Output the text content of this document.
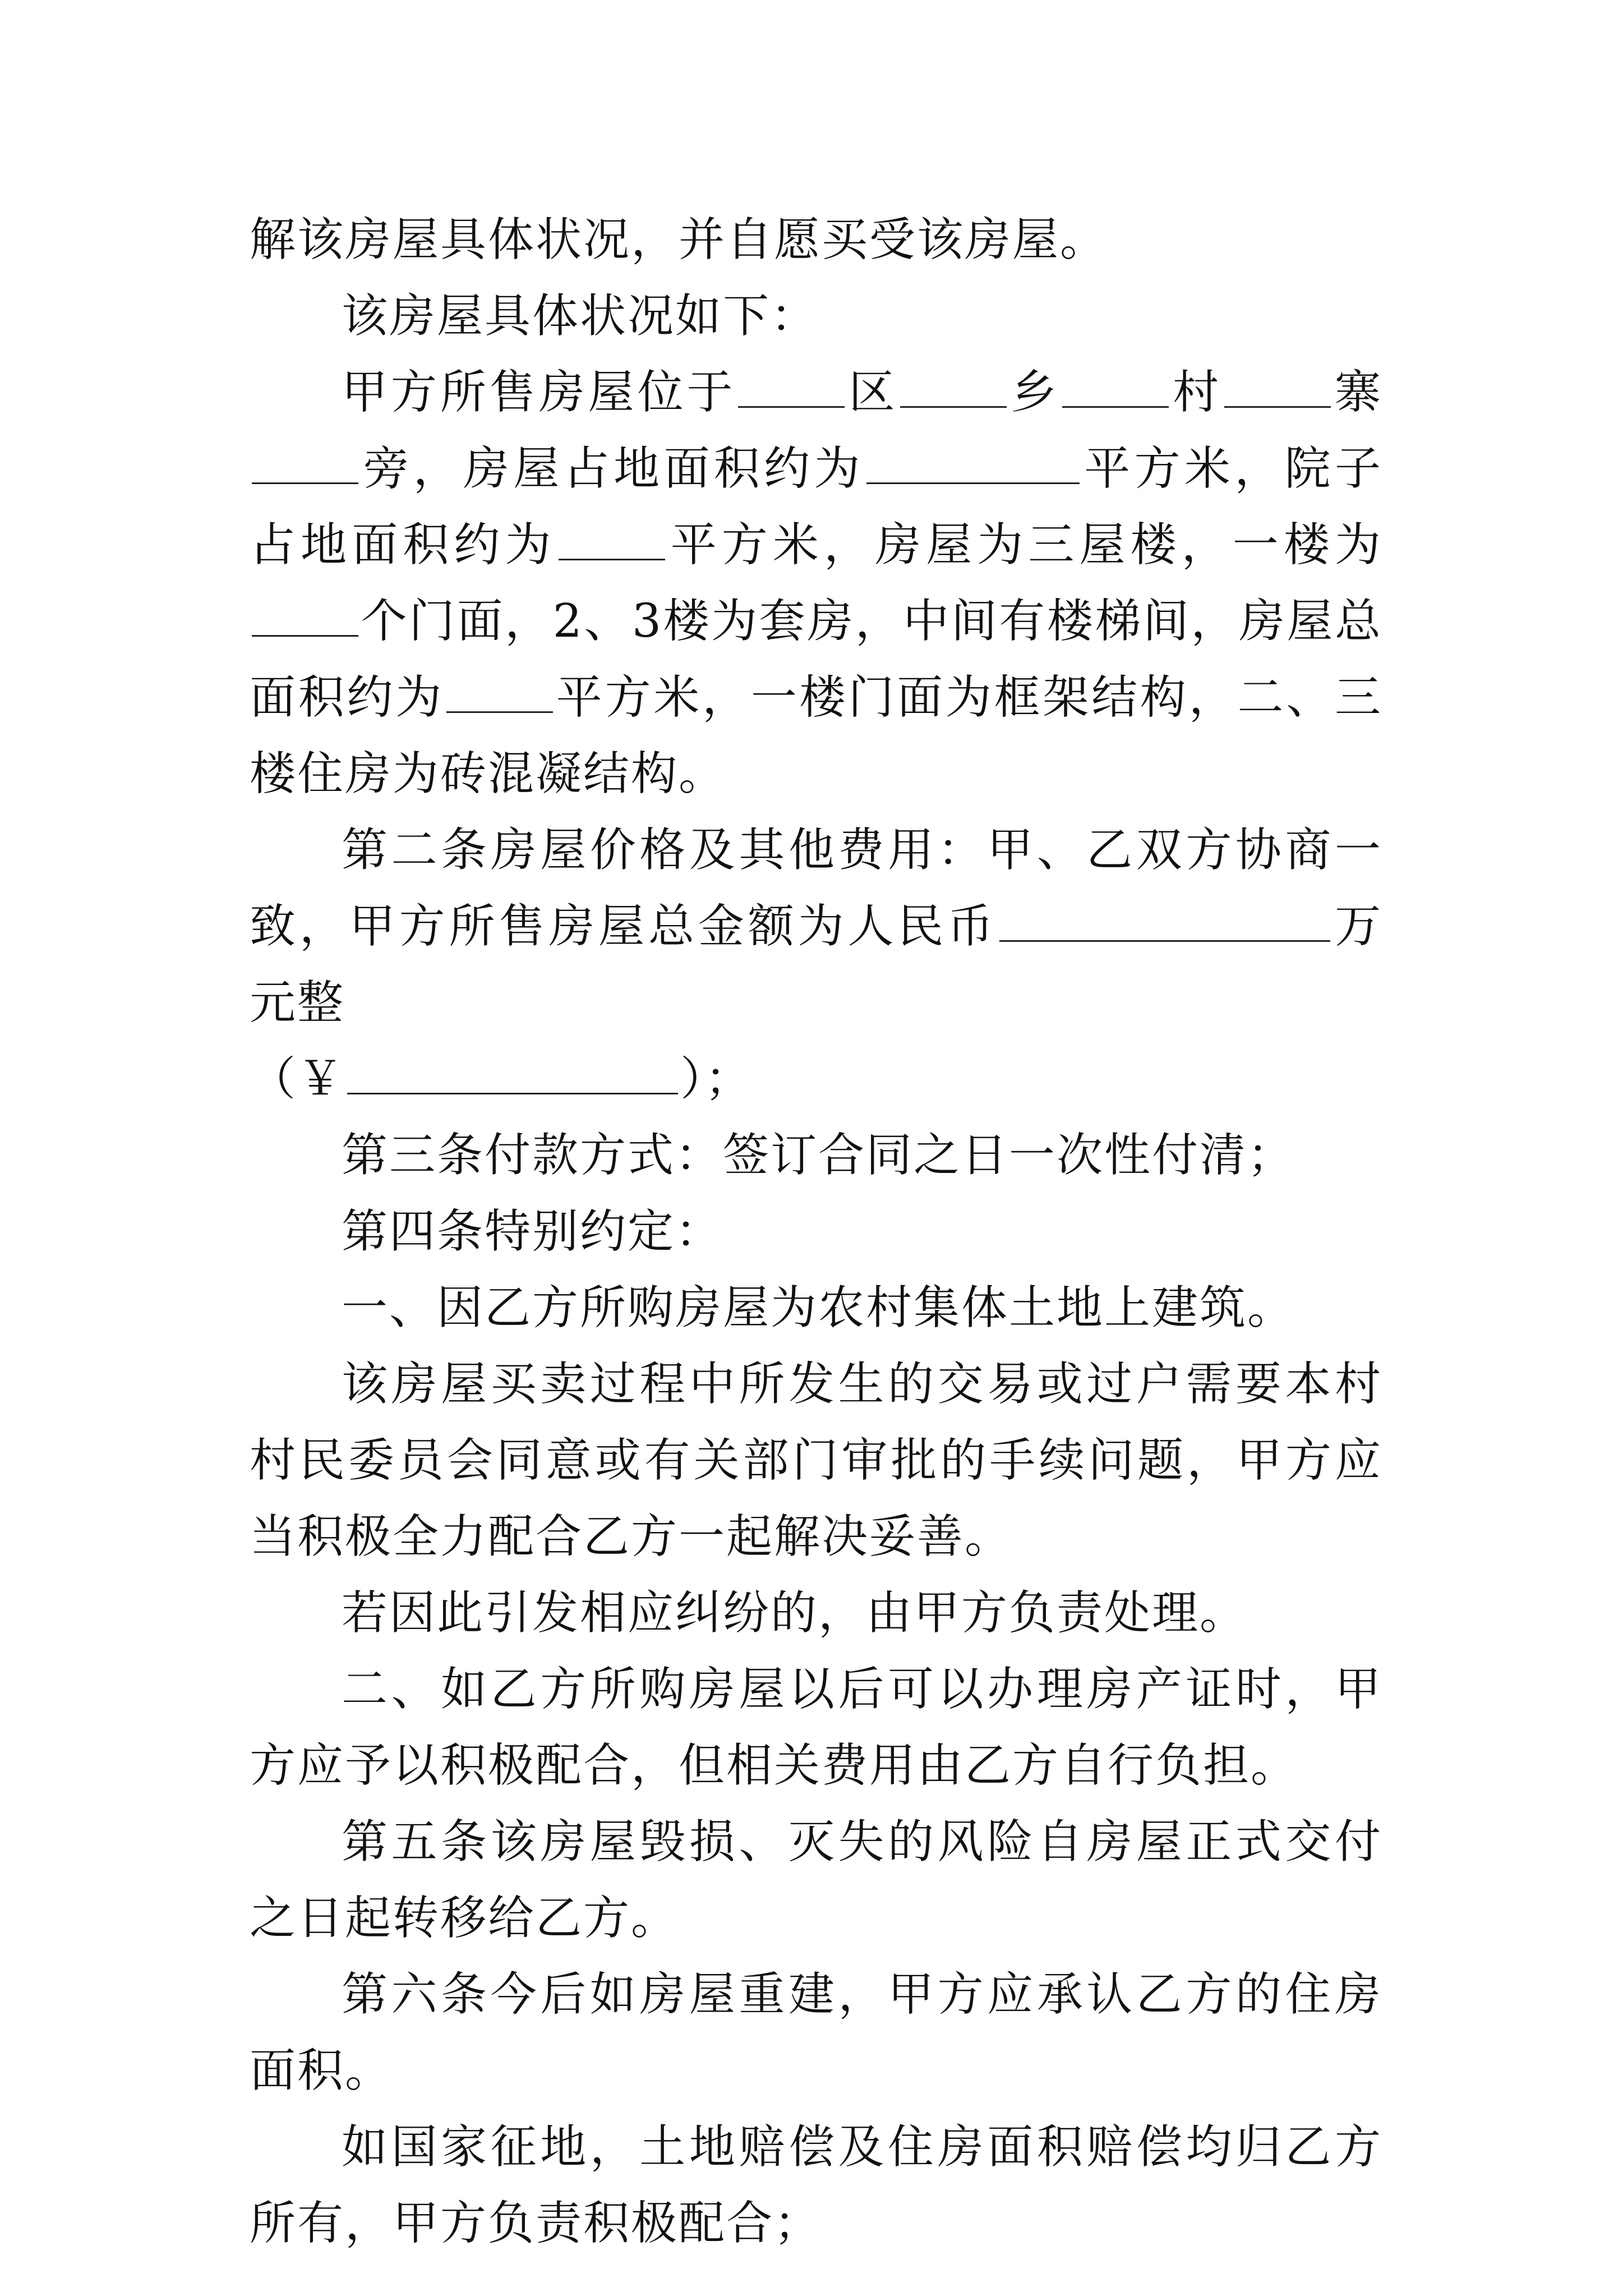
解该房屋具体状况，并自愿买受该房屋。

该房屋具体状况如下：

甲方所售房屋位于 区 乡 村 寨旁，房屋占地面积约为	平方米，院子占地面积约为 平方米，房屋为三屋楼，一楼为个门面，2、3楼为套房，中间有楼梯间，房屋总面积约为 平方米，一楼门面为框架结构，二、三楼住房为砖混凝结构。

第二条房屋价格及其他费用：甲、乙双方协商一致，甲方所售房屋总金额为人民币	万元整
（￥	）；

第三条付款方式：签订合同之日一次性付清；

第四条特别约定：

一、因乙方所购房屋为农村集体土地上建筑。

该房屋买卖过程中所发生的交易或过户需要本村村民委员会同意或有关部门审批的手续问题，甲方应当积极全力配合乙方一起解决妥善。

若因此引发相应纠纷的，由甲方负责处理。

二、如乙方所购房屋以后可以办理房产证时，甲方应予以积极配合，但相关费用由乙方自行负担。

第五条该房屋毁损、灭失的风险自房屋正式交付之日起转移给乙方。

第六条今后如房屋重建，甲方应承认乙方的住房面积。

如国家征地，土地赔偿及住房面积赔偿均归乙方所有，甲方负责积极配合；
